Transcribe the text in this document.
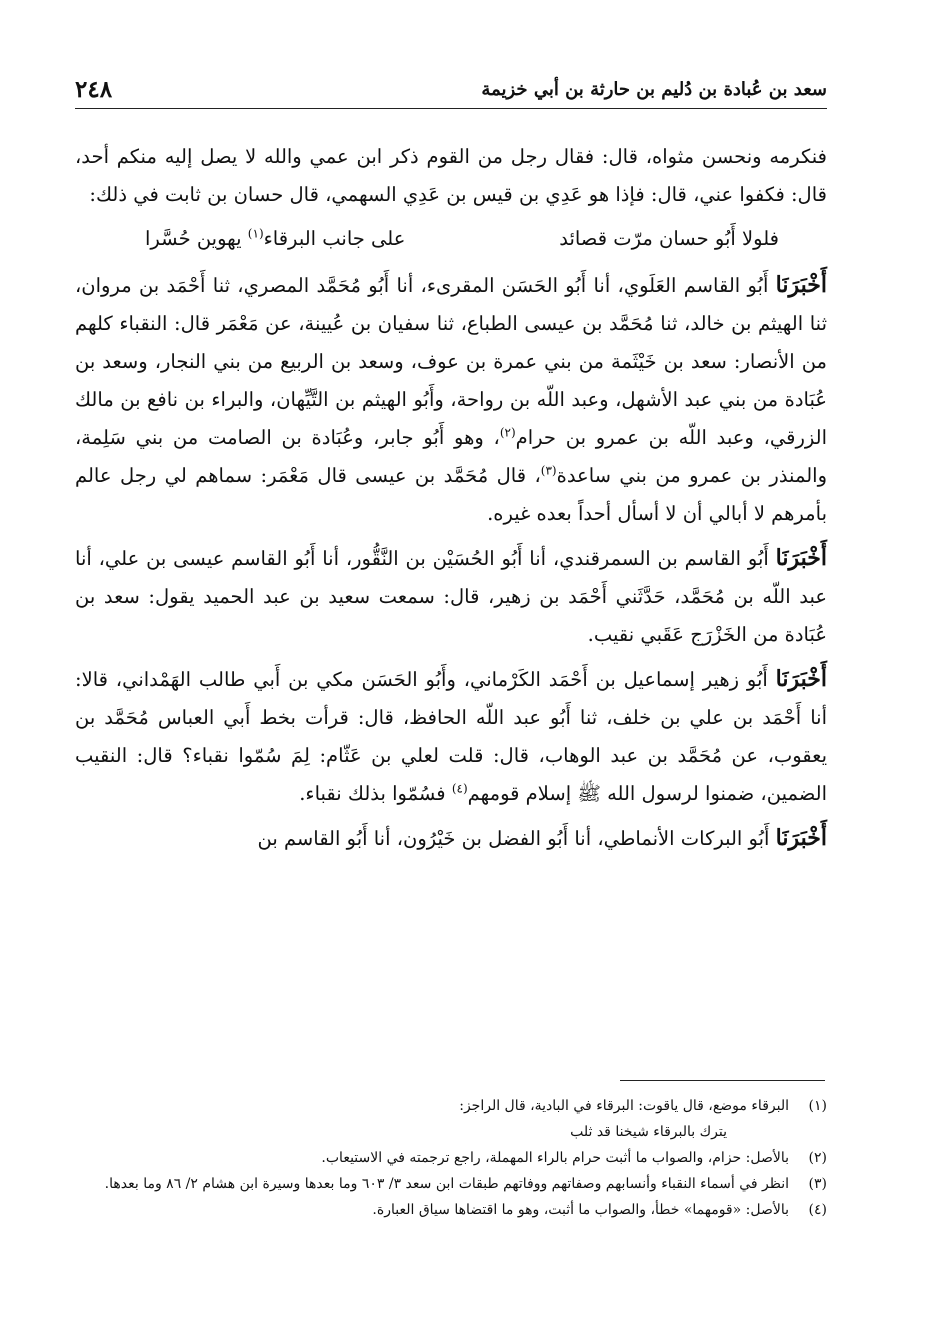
سعد بن عُبادة بن دُليم بن حارثة بن أبي خزيمة
٢٤٨

فنكرمه ونحسن مثواه، قال: فقال رجل من القوم ذكر ابن عمي والله لا يصل إليه منكم أحد، قال: فكفوا عني، قال: فإذا هو عَدِي بن قيس بن عَدِي السهمي، قال حسان بن ثابت في ذلك:

فلولا أَبُو حسان مرّت قصائد
على جانب البرقاء$^{(١)}$ يهوين حُسَّرا

أَخْبَرَنَا أَبُو القاسم العَلَوي، أنا أَبُو الحَسَن المقرىء، أنا أَبُو مُحَمَّد المصري، ثنا أَحْمَد بن مروان، ثنا الهيثم بن خالد، ثنا مُحَمَّد بن عيسى الطباع، ثنا سفيان بن عُيينة، عن مَعْمَر قال: النقباء كلهم من الأنصار: سعد بن خَيْثَمة من بني عمرة بن عوف، وسعد بن الربيع من بني النجار، وسعد بن عُبَادة من بني عبد الأشهل، وعبد اللّه بن رواحة، وأَبُو الهيثم بن التَّيِّهان، والبراء بن نافع بن مالك الزرقي، وعبد اللّه بن عمرو بن حرام$^{(٢)}$، وهو أَبُو جابر، وعُبَادة بن الصامت من بني سَلِمة، والمنذر بن عمرو من بني ساعدة$^{(٣)}$، قال مُحَمَّد بن عيسى قال مَعْمَر: سماهم لي رجل عالم بأمرهم لا أبالي أن لا أسأل أحداً بعده غيره.

أَخْبَرَنَا أَبُو القاسم بن السمرقندي، أنا أَبُو الحُسَيْن بن النَّقُّور، أنا أَبُو القاسم عيسى بن علي، أنا عبد اللّه بن مُحَمَّد، حَدَّثَني أَحْمَد بن زهير، قال: سمعت سعيد بن عبد الحميد يقول: سعد بن عُبَادة من الخَزْرَج عَقَبي نقيب.

أَخْبَرَنَا أَبُو زهير إسماعيل بن أَحْمَد الكَرْماني، وأَبُو الحَسَن مكي بن أَبي طالب الهَمْداني، قالا: أنا أَحْمَد بن علي بن خلف، ثنا أَبُو عبد اللّه الحافظ، قال: قرأت بخط أَبي العباس مُحَمَّد بن يعقوب، عن مُحَمَّد بن عبد الوهاب، قال: قلت لعلي بن عَثّام: لِمَ سُمّوا نقباء؟ قال: النقيب الضمين، ضمنوا لرسول الله ﷺ إسلام قومهم$^{(٤)}$ فسُمّوا بذلك نقباء.

أَخْبَرَنَا أَبُو البركات الأنماطي، أنا أَبُو الفضل بن خَيْرُون، أنا أَبُو القاسم بن

(١)
البرقاء موضع، قال ياقوت: البرقاء في البادية، قال الراجز:
يترك بالبرقاء شيخنا قد ثلب
(٢)
بالأصل: حزام، والصواب ما أثبت حرام بالراء المهملة، راجع ترجمته في الاستيعاب.
(٣)
انظر في أسماء النقباء وأنسابهم وصفاتهم ووفاتهم طبقات ابن سعد ٣/ ٦٠٣ وما بعدها وسيرة ابن هشام ٢/ ٨٦ وما بعدها.
(٤)
بالأصل: «قومهما» خطأ، والصواب ما أثبت، وهو ما اقتضاها سياق العبارة.
